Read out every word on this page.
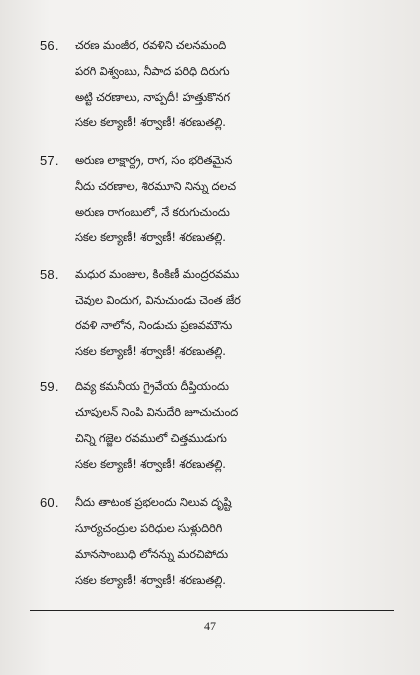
56. చరణ మంజీర, రవళిని చలనమంది
పరగి విశ్వంబు, నీపాద పరిధి దిరుగు
అట్టి చరణాలు, నాప్పదీ! హత్తుకొనగ
సకల కల్యాణీ! శర్వాణీ! శరణుతల్లి.
57. అరుణ లాక్షార్ద్ర, రాగ, సం భరితమైన
నీదు చరణాల, శిరమూని నిన్ను దలచ
అరుణ రాగంబులో, నే కరుగుచుందు
సకల కల్యాణీ! శర్వాణీ! శరణుతల్లి.
58. మధుర మంజుల, కింకిణీ మంద్రరవము
చెవుల విందుగ, వినుచుండు చెంత జేర
రవళి నాలోన, నిండుచు ప్రణవమౌను
సకల కల్యాణీ! శర్వాణీ! శరణుతల్లి.
59. దివ్య కమనీయ గ్రైవేయ దీప్తియందు
చూపులన్ నింపి వినుదేరి జూచుచుంద
చిన్ని గజ్జెల రవములో చిత్తముడుగు
సకల కల్యాణీ! శర్వాణీ! శరణుతల్లి.
60. నీదు తాటంక ప్రభలందు నిలువ దృష్టి
సూర్యచంద్రుల పరిధుల సుళ్లుదిరిగి
మానసాంబుధి లోనన్ను మరచిపోదు
సకల కల్యాణీ! శర్వాణీ! శరణుతల్లి.
47
